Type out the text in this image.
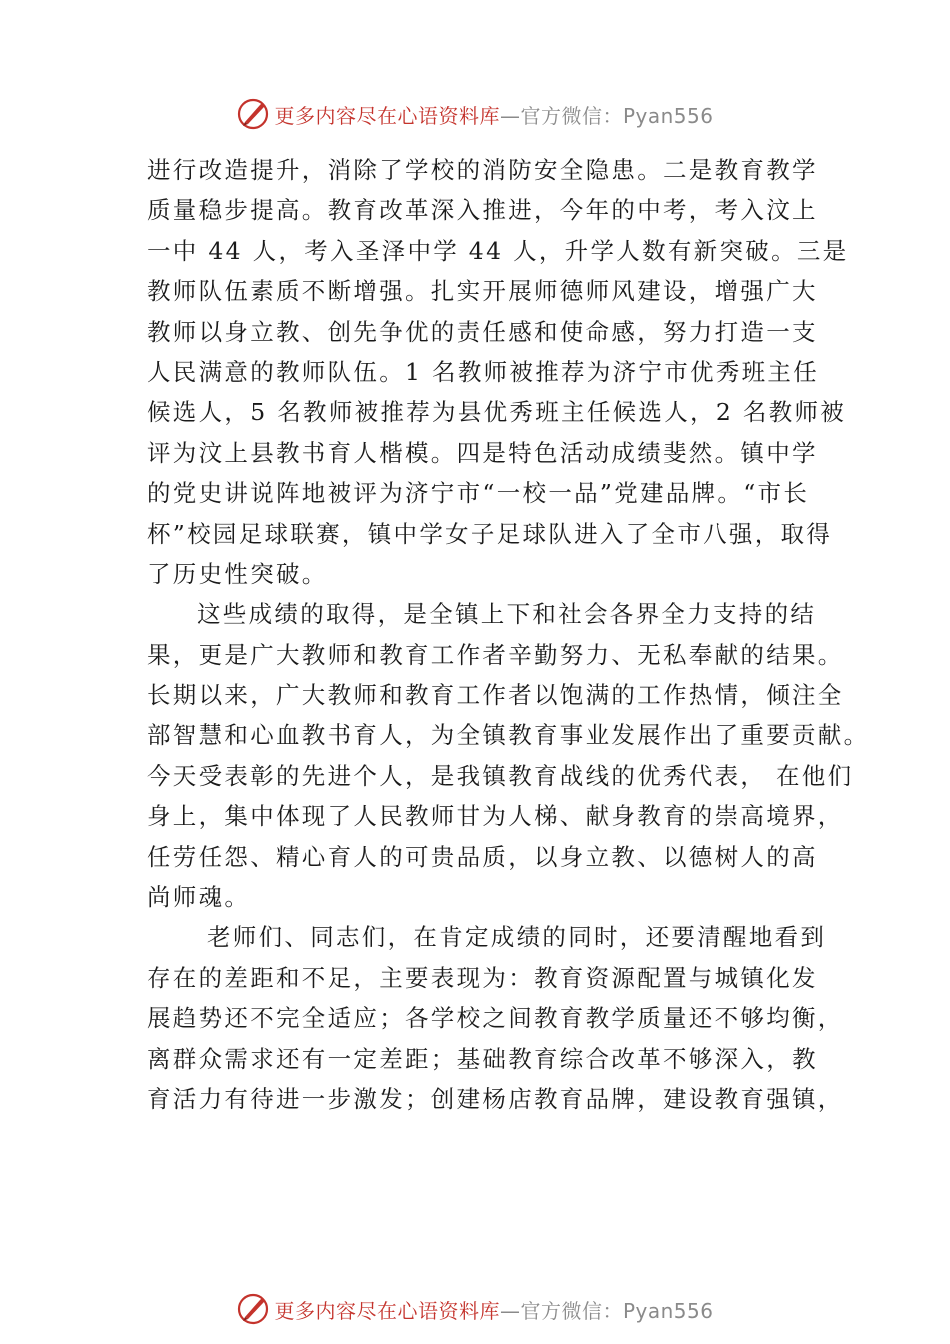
更多内容尽在心语资料库—官方微信：Pyan556
进行改造提升，消除了学校的消防安全隐患。二是教育教学
质量稳步提高。教育改革深入推进，今年的中考，考入汶上
一中 44 人，考入圣泽中学 44 人，升学人数有新突破。三是
教师队伍素质不断增强。扎实开展师德师风建设，增强广大
教师以身立教、创先争优的责任感和使命感，努力打造一支
人民满意的教师队伍。1 名教师被推荐为济宁市优秀班主任
候选人，5 名教师被推荐为县优秀班主任候选人，2 名教师被
评为汶上县教书育人楷模。四是特色活动成绩斐然。镇中学
的党史讲说阵地被评为济宁市“一校一品”党建品牌。“市长
杯”校园足球联赛，镇中学女子足球队进入了全市八强，取得
了历史性突破。
这些成绩的取得，是全镇上下和社会各界全力支持的结
果，更是广大教师和教育工作者辛勤努力、无私奉献的结果。
长期以来，广大教师和教育工作者以饱满的工作热情，倾注全
部智慧和心血教书育人，为全镇教育事业发展作出了重要贡献。
今天受表彰的先进个人，是我镇教育战线的优秀代表， 在他们
身上，集中体现了人民教师甘为人梯、献身教育的崇高境界，
任劳任怨、精心育人的可贵品质，以身立教、以德树人的高
尚师魂。
老师们、同志们，在肯定成绩的同时，还要清醒地看到
存在的差距和不足，主要表现为：教育资源配置与城镇化发
展趋势还不完全适应；各学校之间教育教学质量还不够均衡，
离群众需求还有一定差距；基础教育综合改革不够深入，教
育活力有待进一步激发；创建杨店教育品牌，建设教育强镇，
更多内容尽在心语资料库—官方微信：Pyan556
